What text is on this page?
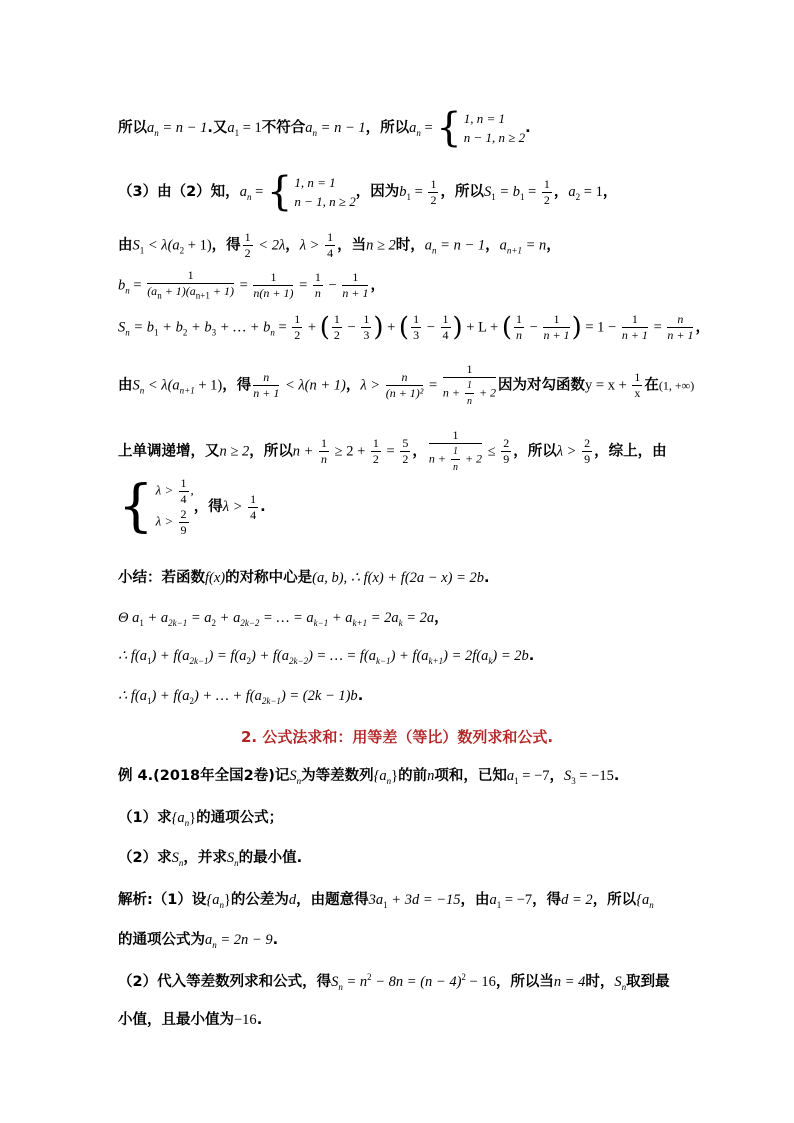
所以$a_n = n - 1$.又$a_1 = 1$不符合$a_n = n - 1$，所以$a_n$ = { 1, n = 1
n − 1, n ≥ 2
.
（3）由（2）知，$a_n$ = { 1, n = 1
n − 1, n ≥ 2
，因为$b_1 = \frac{1}{2}$ ，所以$S_1 = b_1 = \frac{1}{2}$ ，$a_2 = 1$，
由$S_1 < \lambda(a_2 + 1)$，得 $\frac{1}{2} < 2\lambda$，$\lambda > \frac{1}{4}$ ，当n ≥ 2时，$a_n = n - 1$，$a_{n+1} = n$，
$b_n = \frac{1}{(a_n + 1)(a_{n+1} + 1)} = \frac{1}{n(n + 1)} = \frac{1}{n} - \frac{1}{n + 1}$ ，
$S_n = b_1 + b_2 + b_3$ + … + $b_n = \frac{1}{2}$ + ( $\frac{1}{2} - \frac{1}{3}$ ) + ( $\frac{1}{3} - \frac{1}{4}$ ) + L + ( $\frac{1}{n} - \frac{1}{n + 1}$ ) = $1 - \frac{1}{n + 1} = \frac{n}{n + 1}$ ，
由$S_n < \lambda(a_{n+1} + 1)$，得 $\frac{n}{n + 1} < \lambda(n + 1)$，$\lambda > \frac{n}{\text{(n + 1)²}} = \frac{1}{n + \frac{1}{n} + 2}$ 因为对勾函数$y = x + \frac{1}{x}$ 在(1, +∞)
上单调递增，又n ≥ 2，所以$n + \frac{1}{n} \ge 2 + \frac{1}{2} = \frac{5}{2}$ ， $\frac{1}{n + \frac{1}{n} + 2} \le \frac{2}{9}$ ，所以$\lambda > \frac{2}{9}$ ，综上，由
{ $\lambda > \frac{1}{4}$ ,
$\lambda > \frac{2}{9}$ ，得$\lambda > \frac{1}{4}$ .
小结：若函数f(x)的对称中心是(a, b), ∴ f(x) + f(2a − x) = 2b.
Θ $a_1 + a_{2k-1} = a_2 + a_{2k-2}$ = … = $a_{k-1} + a_{k+1} = 2a_k = 2a$，
∴ $f(a_1) + f(a_{2k-1}) = f(a_2) + f(a_{2k-2})$ = … = $f(a_{k-1}) + f(a_{k+1}) = 2f(a_k) = 2b$.
∴ $f(a_1) + f(a_2)$ + … + $f(a_{2k-1}) = (2k - 1)b$.
2. 公式法求和：用等差（等比）数列求和公式.
例 4.(2018年全国2卷)记$S_n$为等差数列$\{a_n\}$的前n项和，已知$a_1 = -7$，$S_3 = -15$.
（1）求$\{a_n\}$的通项公式；
（2）求$S_n$，并求$S_n$的最小值.
解析:（1）设$\{a_n\}$的公差为d，由题意得$3a_1 + 3d = -15$，由$a_1 = -7$，得d = 2，所以{$a_n$
的通项公式为$a_n = 2n - 9$.
（2）代入等差数列求和公式，得$S_n = n^2 - 8n = (n - 4)^2 - 16$，所以当n = 4时，$S_n$取到最
小值，且最小值为−16.
